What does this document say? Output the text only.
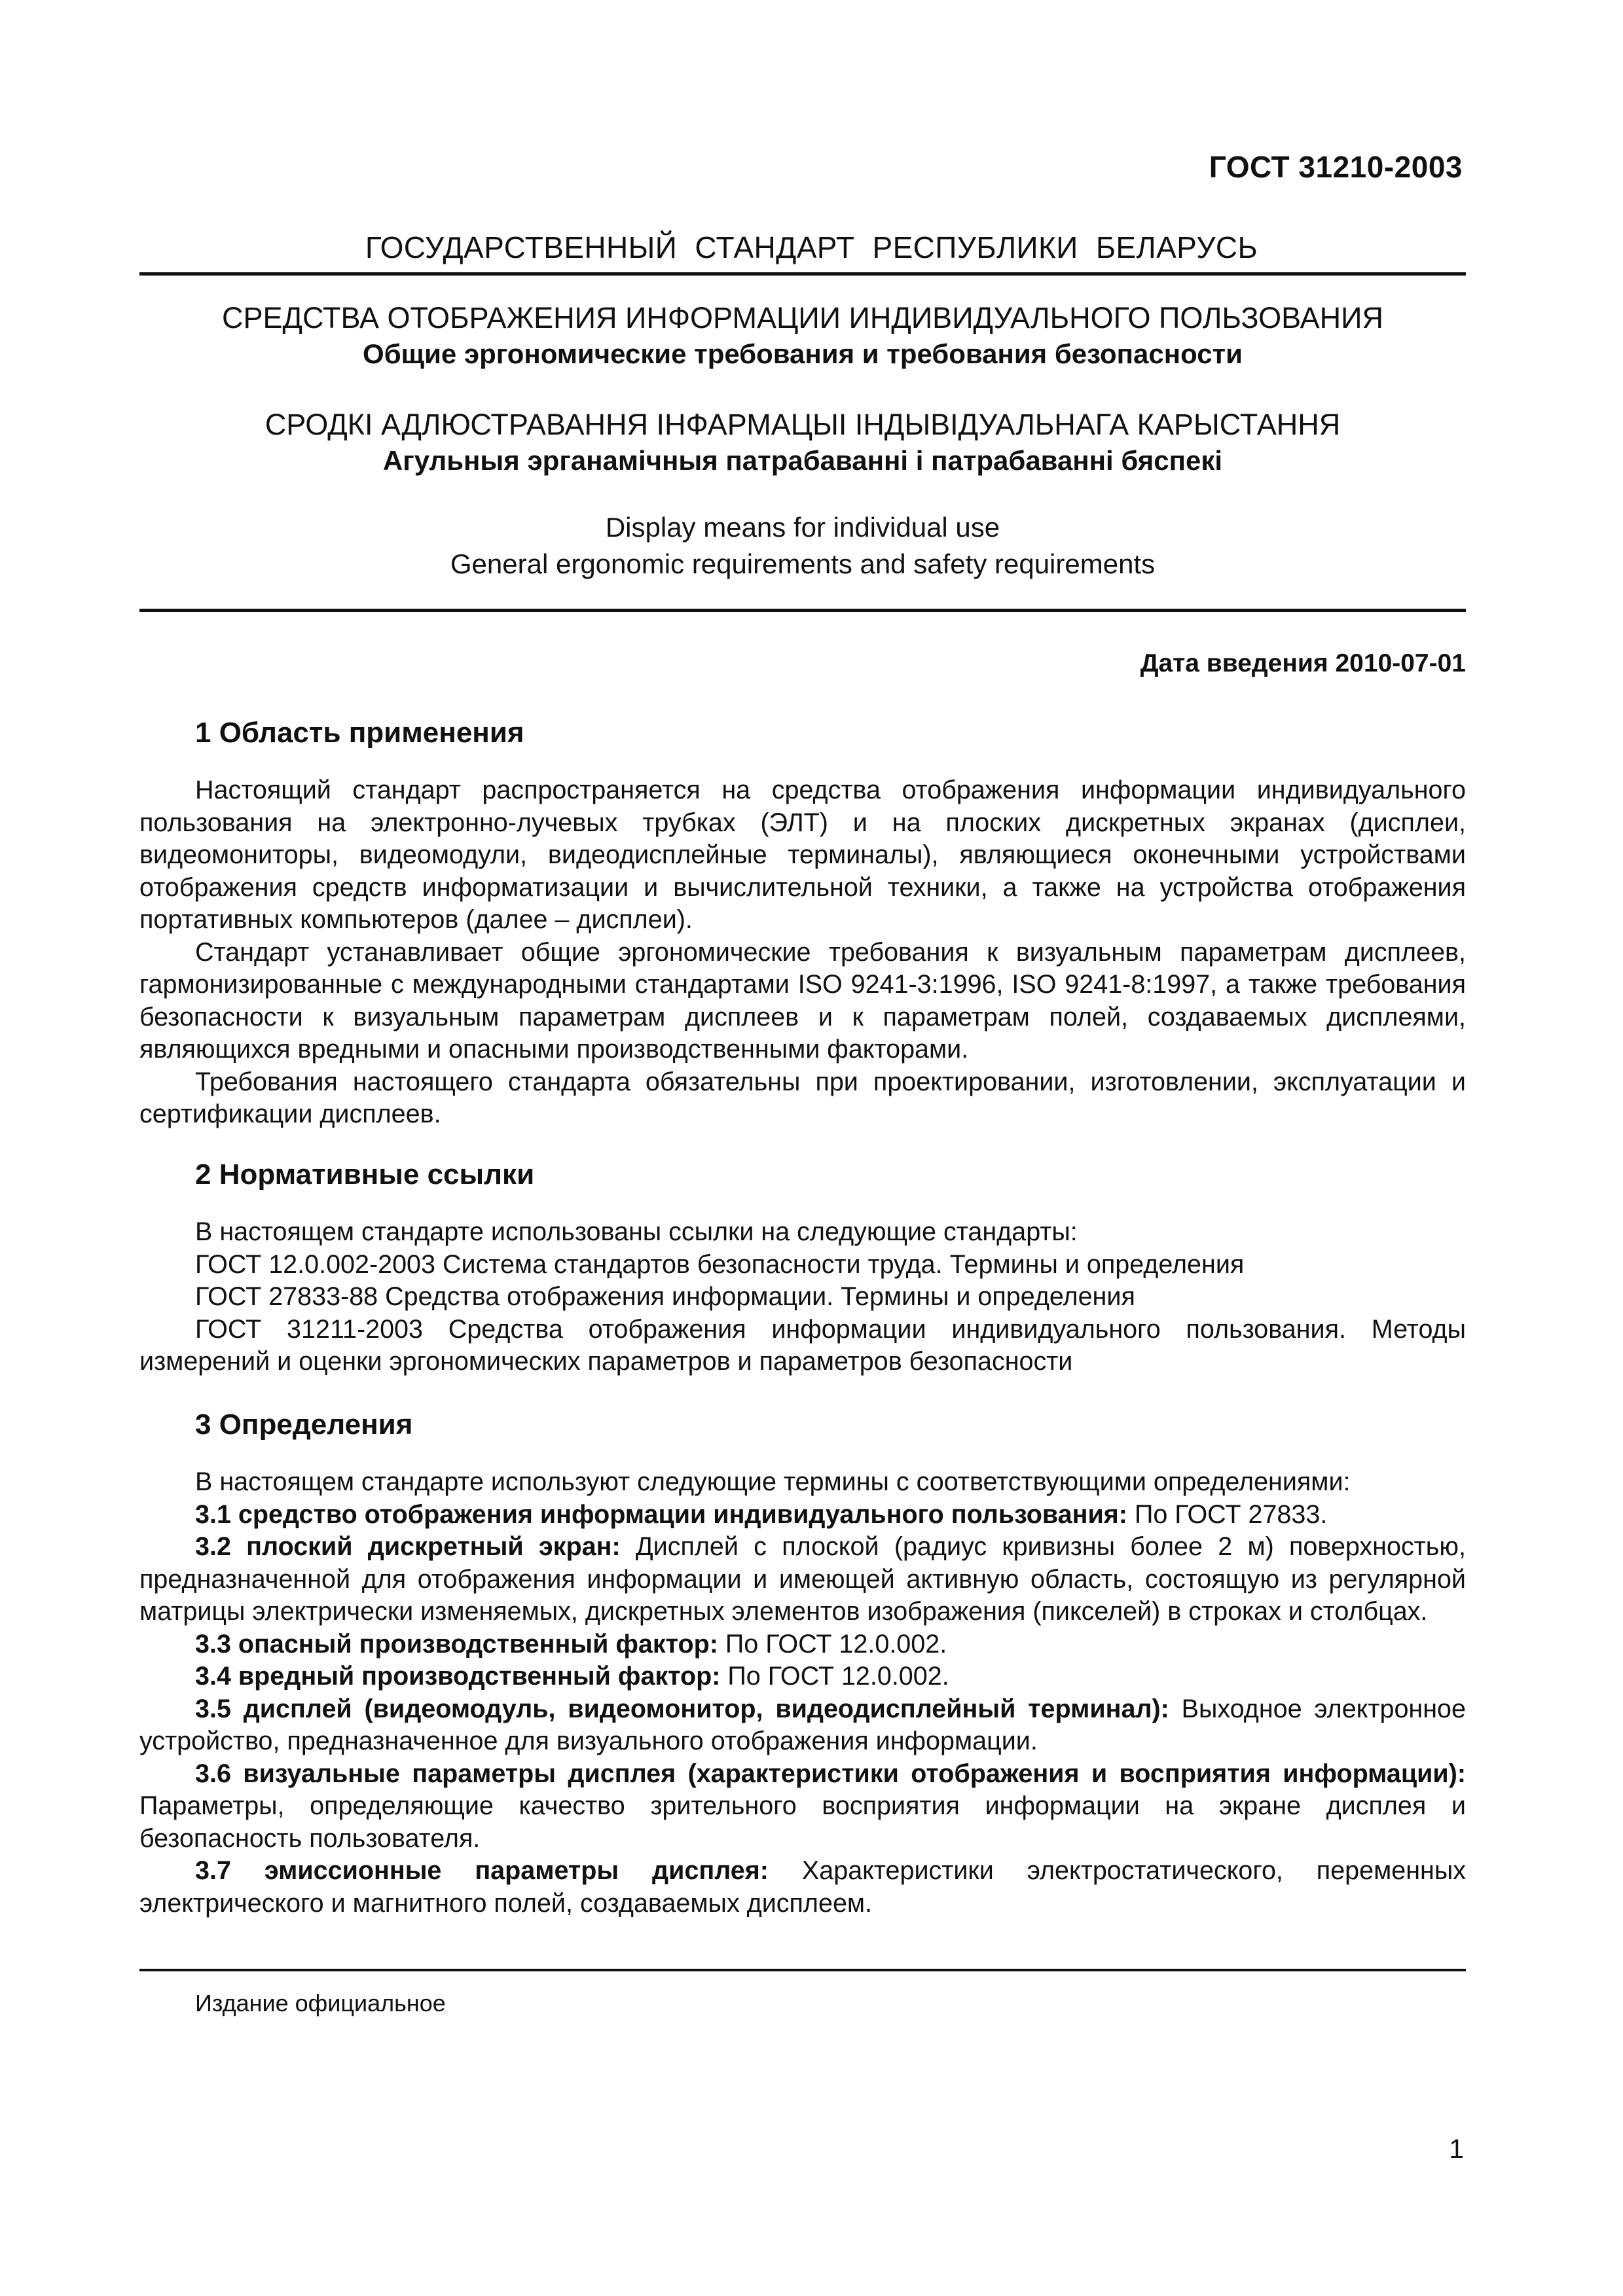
ГОСТ 31210-2003
ГОСУДАРСТВЕННЫЙ СТАНДАРТ РЕСПУБЛИКИ БЕЛАРУСЬ
СРЕДСТВА ОТОБРАЖЕНИЯ ИНФОРМАЦИИ ИНДИВИДУАЛЬНОГО ПОЛЬЗОВАНИЯ
Общие эргономические требования и требования безопасности
СРОДКІ АДЛЮСТРАВАННЯ ІНФАРМАЦЫІ ІНДЫВІДУАЛЬНАГА КАРЫСТАННЯ
Агульныя эрганамічныя патрабаванні і патрабаванні бяспекі
Display means for individual use
General ergonomic requirements and safety requirements
Дата введения 2010-07-01
1 Область применения

Настоящий стандарт распространяется на средства отображения информации индивидуального пользования на электронно-лучевых трубках (ЭЛТ) и на плоских дискретных экранах (дисплеи, видеомониторы, видеомодули, видеодисплейные терминалы), являющиеся оконечными устройствами отображения средств информатизации и вычислительной техники, а также на устройства отображения портативных компьютеров (далее – дисплеи).

Стандарт устанавливает общие эргономические требования к визуальным параметрам дисплеев, гармонизированные с международными стандартами ISO 9241-3:1996, ISO 9241-8:1997, а также требования безопасности к визуальным параметрам дисплеев и к параметрам полей, создаваемых дисплеями, являющихся вредными и опасными производственными факторами.

Требования настоящего стандарта обязательны при проектировании, изготовлении, эксплуатации и сертификации дисплеев.

2 Нормативные ссылки

В настоящем стандарте использованы ссылки на следующие стандарты:

ГОСТ 12.0.002-2003 Система стандартов безопасности труда. Термины и определения

ГОСТ 27833-88 Средства отображения информации. Термины и определения

ГОСТ 31211-2003 Средства отображения информации индивидуального пользования. Методы измерений и оценки эргономических параметров и параметров безопасности

3 Определения

В настоящем стандарте используют следующие термины с соответствующими определениями:

3.1 средство отображения информации индивидуального пользования: По ГОСТ 27833.

3.2 плоский дискретный экран: Дисплей с плоской (радиус кривизны более 2 м) поверхностью, предназначенной для отображения информации и имеющей активную область, состоящую из регулярной матрицы электрически изменяемых, дискретных элементов изображения (пикселей) в строках и столбцах.

3.3 опасный производственный фактор: По ГОСТ 12.0.002.

3.4 вредный производственный фактор: По ГОСТ 12.0.002.

3.5 дисплей (видеомодуль, видеомонитор, видеодисплейный терминал): Выходное электронное устройство, предназначенное для визуального отображения информации.

3.6 визуальные параметры дисплея (характеристики отображения и восприятия информации): Параметры, определяющие качество зрительного восприятия информации на экране дисплея и безопасность пользователя.

3.7 эмиссионные параметры дисплея: Характеристики электростатического, переменных электрического и магнитного полей, создаваемых дисплеем.

Издание официальное
1
